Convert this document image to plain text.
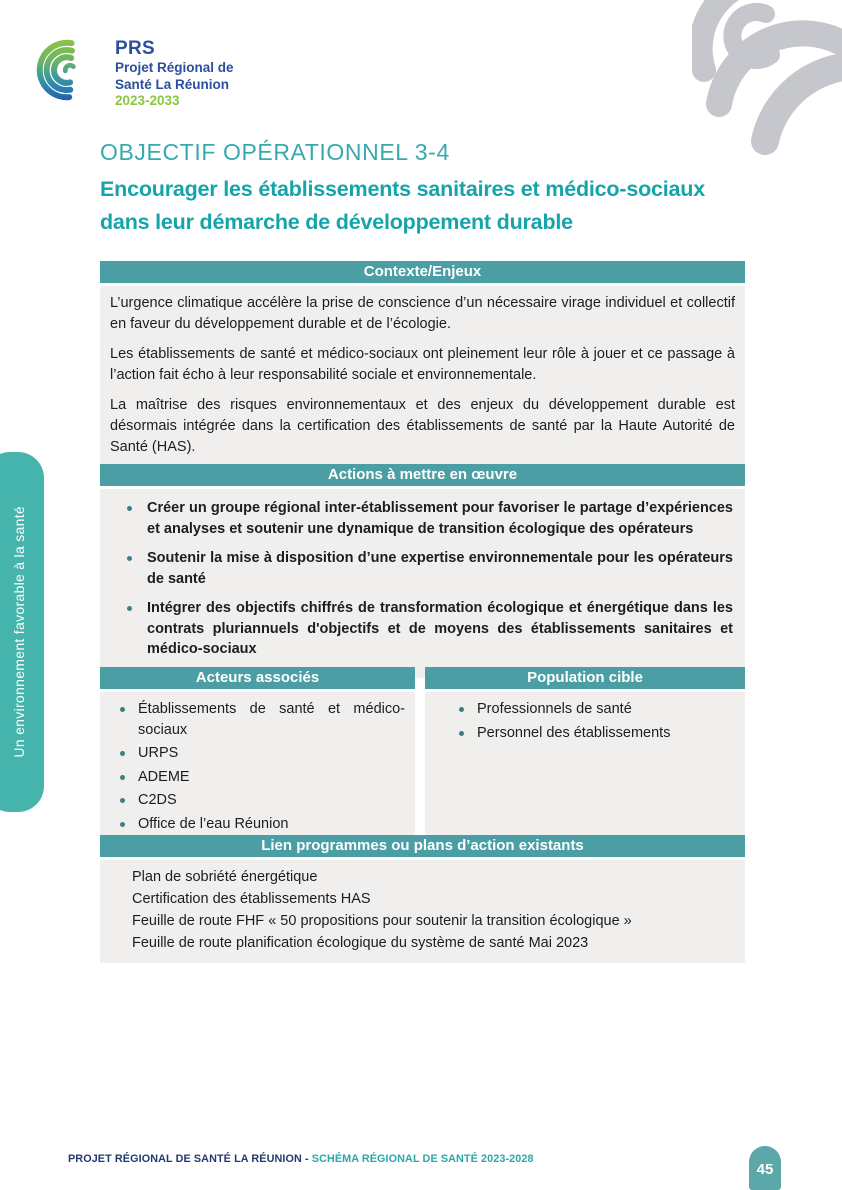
PRS
Projet Régional de
Santé La Réunion
2023-2033
OBJECTIF OPÉRATIONNEL 3-4
Encourager les établissements sanitaires et médico-sociaux
dans leur démarche de développement durable
Contexte/Enjeux
L’urgence climatique accélère la prise de conscience d’un nécessaire virage individuel et collectif en faveur du développement durable et de l’écologie.
Les établissements de santé et médico-sociaux ont pleinement leur rôle à jouer et ce passage à l’action fait écho à leur responsabilité sociale et environnementale.
La maîtrise des risques environnementaux et des enjeux du développement durable est désormais intégrée dans la certification des établissements de santé par la Haute Autorité de Santé (HAS).
Actions à mettre en œuvre
Créer un groupe régional inter-établissement pour favoriser le partage d’expériences et analyses et soutenir une dynamique de transition écologique des opérateurs
Soutenir la mise à disposition d’une expertise environnementale pour les opérateurs de santé
Intégrer des objectifs chiffrés de transformation écologique et énergétique dans les contrats pluriannuels d'objectifs et de moyens des établissements sanitaires et médico-sociaux
Acteurs associés
Établissements de santé et médico-sociaux
URPS
ADEME
C2DS
Office de l’eau Réunion
Population cible
Professionnels de santé
Personnel des établissements
Lien programmes ou plans d’action existants
Plan de sobriété énergétique
Certification des établissements HAS
Feuille de route FHF « 50 propositions pour soutenir la transition écologique »
Feuille de route planification écologique du système de santé Mai 2023
Un environnement favorable à la santé
PROJET RÉGIONAL DE SANTÉ LA RÉUNION - SCHÉMA RÉGIONAL DE SANTÉ 2023-2028
45
